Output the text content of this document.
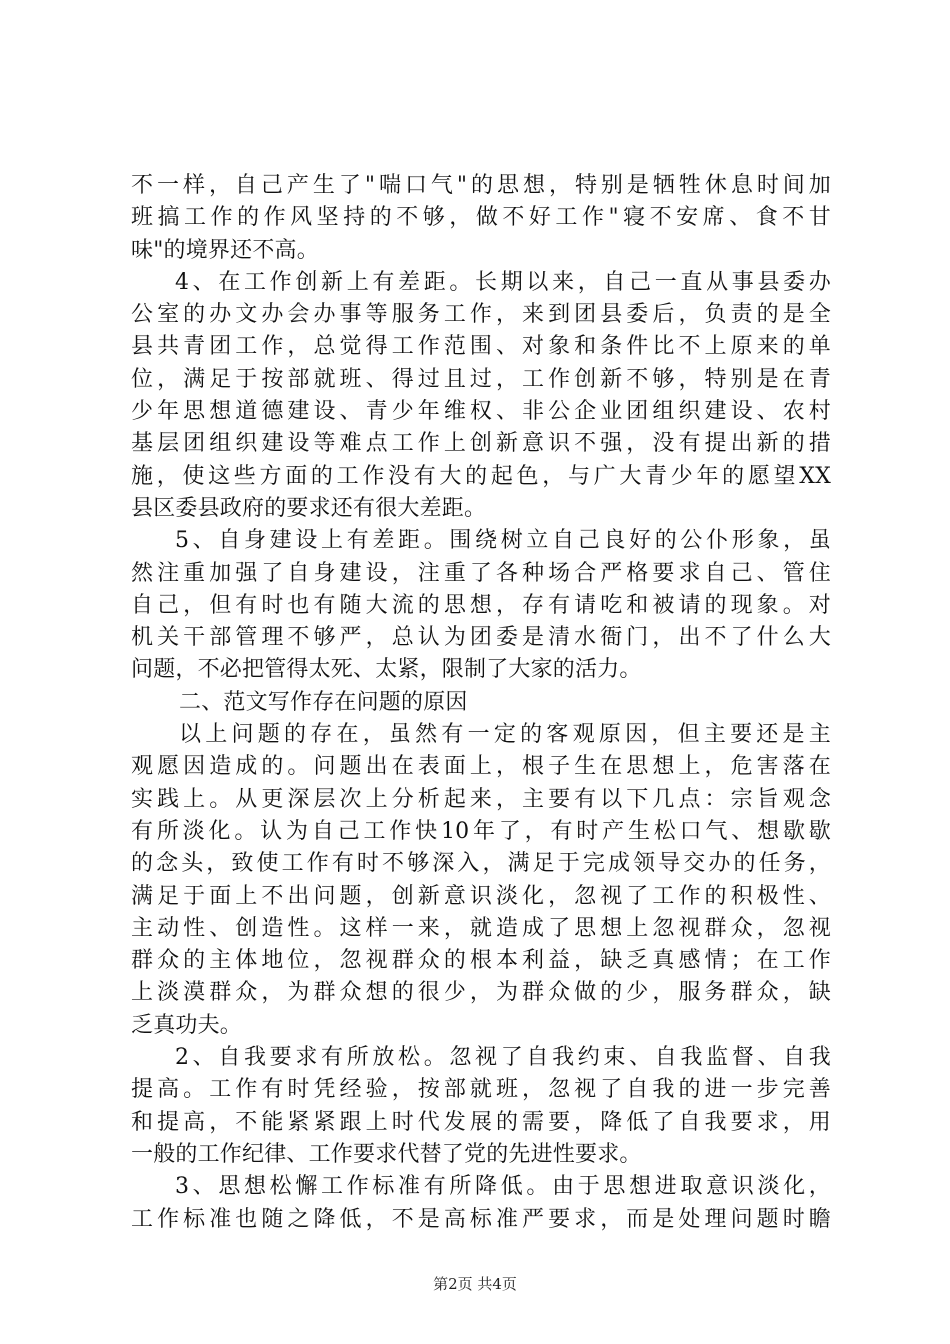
不一样，自己产生了"喘口气"的思想，特别是牺牲休息时间加
班搞工作的作风坚持的不够，做不好工作"寝不安席、食不甘
味"的境界还不高。
4、在工作创新上有差距。长期以来，自己一直从事县委办
公室的办文办会办事等服务工作，来到团县委后，负责的是全
县共青团工作，总觉得工作范围、对象和条件比不上原来的单
位，满足于按部就班、得过且过，工作创新不够，特别是在青
少年思想道德建设、青少年维权、非公企业团组织建设、农村
基层团组织建设等难点工作上创新意识不强，没有提出新的措
施，使这些方面的工作没有大的起色，与广大青少年的愿望XX
县区委县政府的要求还有很大差距。
5、自身建设上有差距。围绕树立自己良好的公仆形象，虽
然注重加强了自身建设，注重了各种场合严格要求自己、管住
自己，但有时也有随大流的思想，存有请吃和被请的现象。对
机关干部管理不够严，总认为团委是清水衙门，出不了什么大
问题，不必把管得太死、太紧，限制了大家的活力。
二、范文写作存在问题的原因
以上问题的存在，虽然有一定的客观原因，但主要还是主
观愿因造成的。问题出在表面上，根子生在思想上，危害落在
实践上。从更深层次上分析起来，主要有以下几点：宗旨观念
有所淡化。认为自己工作快10年了，有时产生松口气、想歇歇
的念头，致使工作有时不够深入，满足于完成领导交办的任务，
满足于面上不出问题，创新意识淡化，忽视了工作的积极性、
主动性、创造性。这样一来，就造成了思想上忽视群众，忽视
群众的主体地位，忽视群众的根本利益，缺乏真感情；在工作
上淡漠群众，为群众想的很少，为群众做的少，服务群众，缺
乏真功夫。
2、自我要求有所放松。忽视了自我约束、自我监督、自我
提高。工作有时凭经验，按部就班，忽视了自我的进一步完善
和提高，不能紧紧跟上时代发展的需要，降低了自我要求，用
一般的工作纪律、工作要求代替了党的先进性要求。
3、思想松懈工作标准有所降低。由于思想进取意识淡化，
工作标准也随之降低，不是高标准严要求，而是处理问题时瞻
第2页 共4页
